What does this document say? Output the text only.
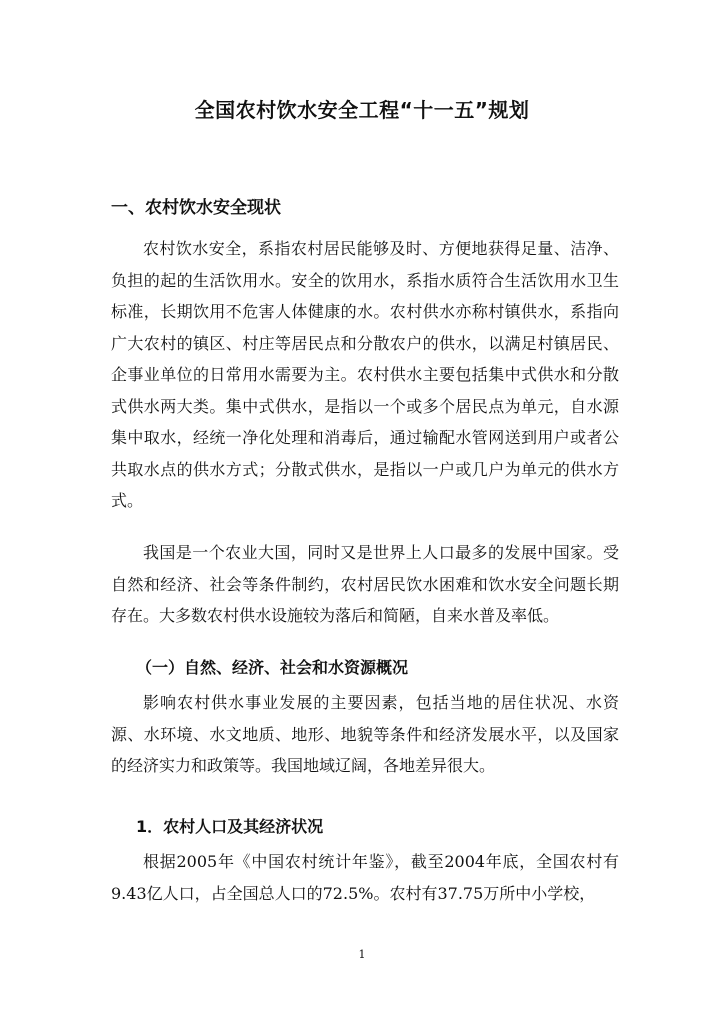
全国农村饮水安全工程“十一五”规划
一、农村饮水安全现状

农村饮水安全，系指农村居民能够及时、方便地获得足量、洁净、负担的起的生活饮用水。安全的饮用水，系指水质符合生活饮用水卫生标准，长期饮用不危害人体健康的水。农村供水亦称村镇供水，系指向广大农村的镇区、村庄等居民点和分散农户的供水，以满足村镇居民、企事业单位的日常用水需要为主。农村供水主要包括集中式供水和分散式供水两大类。集中式供水，是指以一个或多个居民点为单元，自水源集中取水，经统一净化处理和消毒后，通过输配水管网送到用户或者公共取水点的供水方式；分散式供水，是指以一户或几户为单元的供水方式。

我国是一个农业大国，同时又是世界上人口最多的发展中国家。受自然和经济、社会等条件制约，农村居民饮水困难和饮水安全问题长期存在。大多数农村供水设施较为落后和简陋，自来水普及率低。

（一）自然、经济、社会和水资源概况

影响农村供水事业发展的主要因素，包括当地的居住状况、水资源、水环境、水文地质、地形、地貌等条件和经济发展水平，以及国家的经济实力和政策等。我国地域辽阔，各地差异很大。

1．农村人口及其经济状况

根据2005年《中国农村统计年鉴》，截至2004年底，全国农村有9.43亿人口，占全国总人口的72.5%。农村有37.75万所中小学校，

1
